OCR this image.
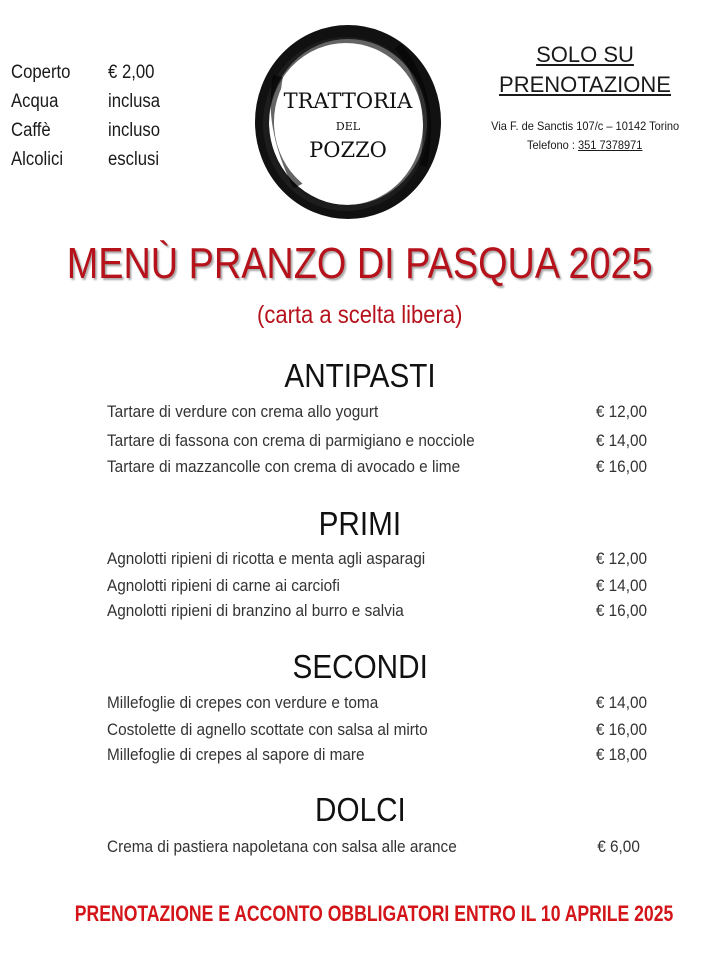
Coperto	€ 2,00
Acqua	inclusa
Caffè	incluso
Alcolici	esclusi
TRATTORIA
DEL
POZZO
SOLO SU
PRENOTAZIONE
Via F. de Sanctis 107/c – 10142 Torino
Telefono : 351 7378971
MENÙ PRANZO DI PASQUA 2025
(carta a scelta libera)
ANTIPASTI
Tartare di verdure con crema allo yogurt	€ 12,00
Tartare di fassona con crema di parmigiano e nocciole	€ 14,00
Tartare di mazzancolle con crema di avocado e lime	€ 16,00
PRIMI
Agnolotti ripieni di ricotta e menta agli asparagi	€ 12,00
Agnolotti ripieni di carne ai carciofi	€ 14,00
Agnolotti ripieni di branzino al burro e salvia	€ 16,00
SECONDI
Millefoglie di crepes con verdure e toma	€ 14,00
Costolette di agnello scottate con salsa al mirto	€ 16,00
Millefoglie di crepes al sapore di mare	€ 18,00
DOLCI
Crema di pastiera napoletana con salsa alle arance	€ 6,00
PRENOTAZIONE E ACCONTO OBBLIGATORI ENTRO IL 10 APRILE 2025
